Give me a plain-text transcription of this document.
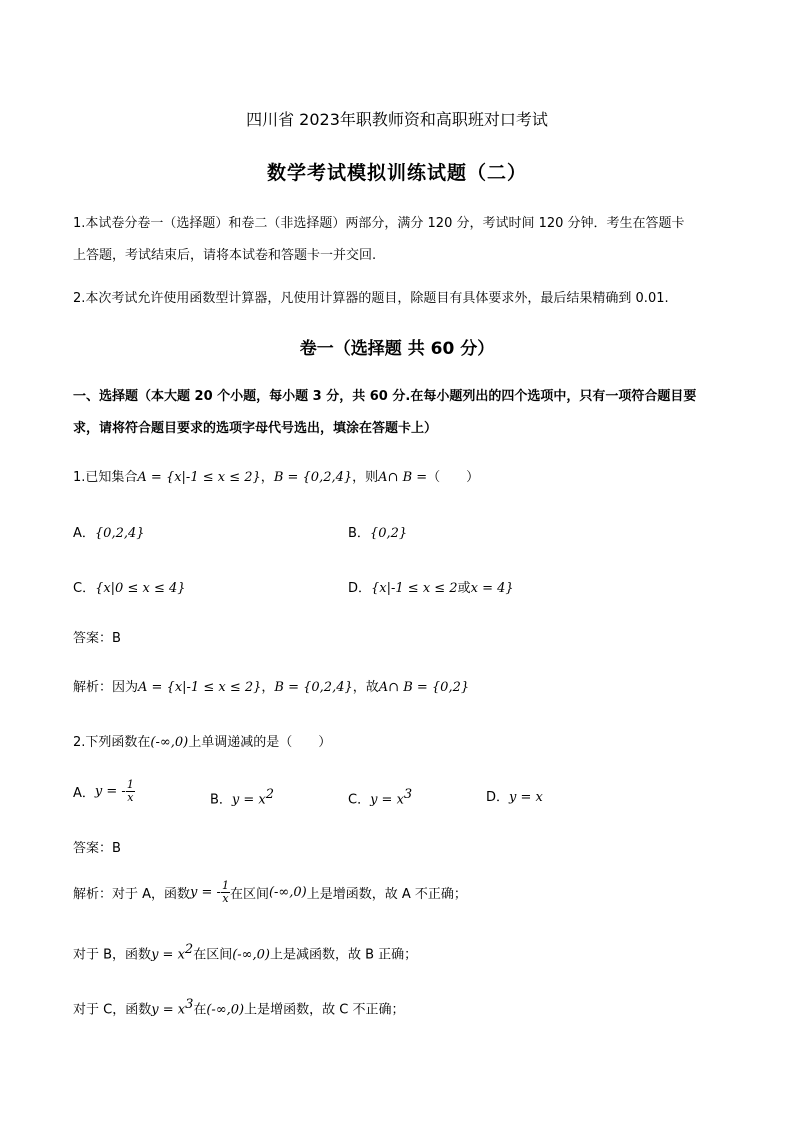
四川省 2023年职教师资和高职班对口考试
数学考试模拟训练试题（二）
1.本试卷分卷一（选择题）和卷二（非选择题）两部分，满分 120 分，考试时间 120 分钟．考生在答题卡
上答题，考试结束后，请将本试卷和答题卡一并交回.
2.本次考试允许使用函数型计算器，凡使用计算器的题目，除题目有具体要求外，最后结果精确到 0.01.
卷一（选择题 共 60 分）
一、选择题（本大题 20 个小题，每小题 3 分，共 60 分.在每小题列出的四个选项中，只有一项符合题目要
求，请将符合题目要求的选项字母代号选出，填涂在答题卡上）
1.已知集合A = {x|-1 ≤ x ≤ 2}，B = {0,2,4}，则A∩ B =（　　）
A．{0,2,4}	B．{0,2}
C．{x|0 ≤ x ≤ 4}	D．{x|-1 ≤ x ≤ 2或x = 4}
答案：B
解析：因为A = {x|-1 ≤ x ≤ 2}，B = {0,2,4}，故A∩ B = {0,2}
2.下列函数在(-∞,0)上单调递减的是（　　）
A．y = - $\frac{1}{x}$	B．$y = x^2$	C．$y = x^3$	D．y = x
答案：B
解析：对于 A，函数y = - $\frac{1}{x}$ 在区间(-∞,0)上是增函数，故 A 不正确；
对于 B，函数$y = x^2$在区间(-∞,0)上是减函数，故 B 正确；
对于 C，函数$y = x^3$在(-∞,0)上是增函数，故 C 不正确；
